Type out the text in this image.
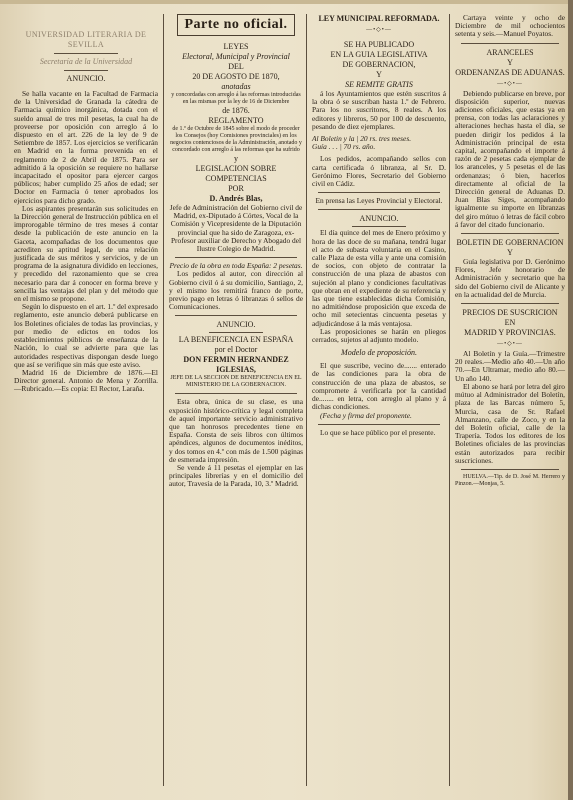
UNIVERSIDAD LITERARIA DE

SEVILLA

Secretaría de la Universidad

ANUNCIO.

Se halla vacante en la Facultad de Farmacia de la Universidad de Granada la cátedra de Farmacia químico inorgánica, dotada con el sueldo anual de tres mil pesetas, la cual ha de proveerse por oposición con arreglo á lo dispuesto en el art. 226 de la ley de 9 de Setiembre de 1857. Los ejercicios se verificarán en Madrid en la forma prevenida en el reglamento de 2 de Abril de 1875. Para ser admitido á la oposición se requiere no hallarse incapacitado el opositor para ejercer cargos públicos; haber cumplido 25 años de edad; ser Doctor en Farmacia ó tener aprobados los ejercicios para dicho grado.

Los aspirantes presentarán sus solicitudes en la Dirección general de Instrucción pública en el improrogable término de tres meses á contar desde la publicación de este anuncio en la Gaceta, acompañadas de los documentos que acrediten su aptitud legal, de una relación justificada de sus méritos y servicios, y de un programa de la asignatura dividido en lecciones, y precedido del razonamiento que se crea necesario para dar á conocer en forma breve y sencilla las ventajas del plan y del método que en el mismo se propone.

Según lo dispuesto en el art. 1.º del expresado reglamento, este anuncio deberá publicarse en los Boletines oficiales de todas las provincias, y por medio de edictos en todos los establecimientos públicos de enseñanza de la Nación, lo cual se advierte para que las autoridades respectivas dispongan desde luego que así se verifique sin más que este aviso.

Madrid 16 de Diciembre de 1876.—El Director general. Antonio de Mena y Zorrilla. —Rubricado.—Es copia: El Rector, Laraña.

Parte no oficial.

LEYES

Electoral, Municipal y Provincial

DEL

20 DE AGOSTO DE 1870,

anotadas

y concordadas con arreglo á las reformas introducidas en las mismas por la ley de 16 de Diciembre

de 1876.

REGLAMENTO

de 1.º de Octubre de 1845 sobre el modo de proceder los Consejos (hoy Comisiones provinciales) en los negocios contenciosos de la Administración, anotado y concordado con arreglo á las reformas que ha sufrido

y

LEGISLACION SOBRE COMPETENCIAS

POR

D. Andrés Blas,

Jefe de Administración del Gobierno civil de Madrid, ex-Diputado á Córtes, Vocal de la Comisión y Vicepresidente de la Diputación provincial que ha sido de Zaragoza, ex-Profesor auxiliar de Derecho y Abogado del Ilustre Colegio de Madrid.

Precio de la obra en toda España: 2 pesetas.

Los pedidos al autor, con dirección al Gobierno civil ó á su domicilio, Santiago, 2, y el mismo los remitirá franco de porte, previo pago en letras ó libranzas ó sellos de Comunicaciones.

ANUNCIO.

LA BENEFICENCIA EN ESPAÑA

por el Doctor

DON FERMIN HERNANDEZ IGLESIAS,

JEFE DE LA SECCION DE BENEFICENCIA EN EL MINISTERIO DE LA GOBERNACION.

Esta obra, única de su clase, es una exposición histórico-crítica y legal completa de aquel importante servicio administrativo que tan honrosos precedentes tiene en España. Consta de seis libros con últimos apéndices, algunos de documentos inéditos, y dos tomos en 4.º con más de 1.500 páginas de esmerada impresión.

Se vende á 11 pesetas el ejemplar en las principales librerías y en el domicilio del autor, Travesía de la Parada, 10, 3.º Madrid.

LEY MUNICIPAL REFORMADA.

—•◇•—

SE HA PUBLICADO

EN LA GUIA LEGISLATIVA

DE GOBERNACION,

Y

SE REMITE GRATIS

á los Ayuntamientos que estén suscritos á la obra ó se suscriban hasta 1.º de Febrero. Para los no suscritores, 8 reales. A los editores y libreros, 50 por 100 de descuento, pesando de diez ejemplares.

Al Boletin y la | 20 rs. tres meses.

Guía . . . | 70 rs. año.

Los pedidos, acompañando sellos con carta certificada ó libranza, al Sr. D. Gerónimo Flores, Secretario del Gobierno civil en Cádiz.

En prensa las Leyes Provincial y Electoral.

ANUNCIO.

El día quince del mes de Enero próximo y hora de las doce de su mañana, tendrá lugar el acto de subasta voluntaria en el Casino, calle Plaza de esta villa y ante una comisión de socios, con objeto de contratar la construcción de una plaza de abastos con sujeción al plano y condiciones facultativas que obran en el expediente de su referencia y las que tiene establecidas dicha Comisión, no admitiéndose proposición que exceda de ocho mil setecientas cincuenta pesetas y adjudicándose á la más ventajosa.

Las proposiciones se harán en pliegos cerrados, sujetos al adjunto modelo.

Modelo de proposición.

El que suscribe, vecino de....... enterado de las condiciones para la obra de construcción de una plaza de abastos, se compromete á verificarla por la cantidad de........ en letra, con arreglo al plano y á dichas condiciones.

(Fecha y firma del proponente.

Lo que se hace público por el presente.

Cartaya veinte y ocho de Diciembre de mil ochocientos setenta y seis.—Manuel Poyatos.

ARANCELES

Y

ORDENANZAS DE ADUANAS.

—•◇•—

Debiendo publicarse en breve, por disposición superior, nuevas adiciones oficiales, que estas ya en prensa, con todas las aclaraciones y alteraciones hechas hasta el día, se pueden dirigir los pedidos á la Administración principal de esta capital, acompañando el importe á razón de 2 pesetas cada ejemplar de los aranceles, y 5 pesetas el de las ordenanzas; ó bien, hacerlos directamente al oficial de la Dirección general de Aduanas D. Juan Blas Siges, acompañando igualmente su importe en libranzas del giro mútuo ó letras de fácil cobro á favor del citado funcionario.

BOLETIN DE GOBERNACION

Y

Guía legislativa por D. Gerónimo Flores, Jefe honorario de Administración y secretario que ha sido del Gobierno civil de Alicante y en la actualidad del de Murcia.

PRECIOS DE SUSCRICION

EN

MADRID Y PROVINCIAS.

—•◇•—

Al Boletín y la Guía.—Trimestre 20 reales.—Medio año 40.—Un año 70.—En Ultramar, medio año 80.—Un año 140.

El abono se hará por letra del giro mútuo al Administrador del Boletín, plaza de las Barcas número 5, Murcia, casa de Sr. Rafael Almanzano, calle de Zoco, y en la del Boletín oficial, calle de la Trapería. Todos los editores de los Boletines oficiales de las provincias están autorizados para recibir suscriciones.

HUELVA.—Tip. de D. José M. Herrero y Pinzon.—Monjas, 5.
